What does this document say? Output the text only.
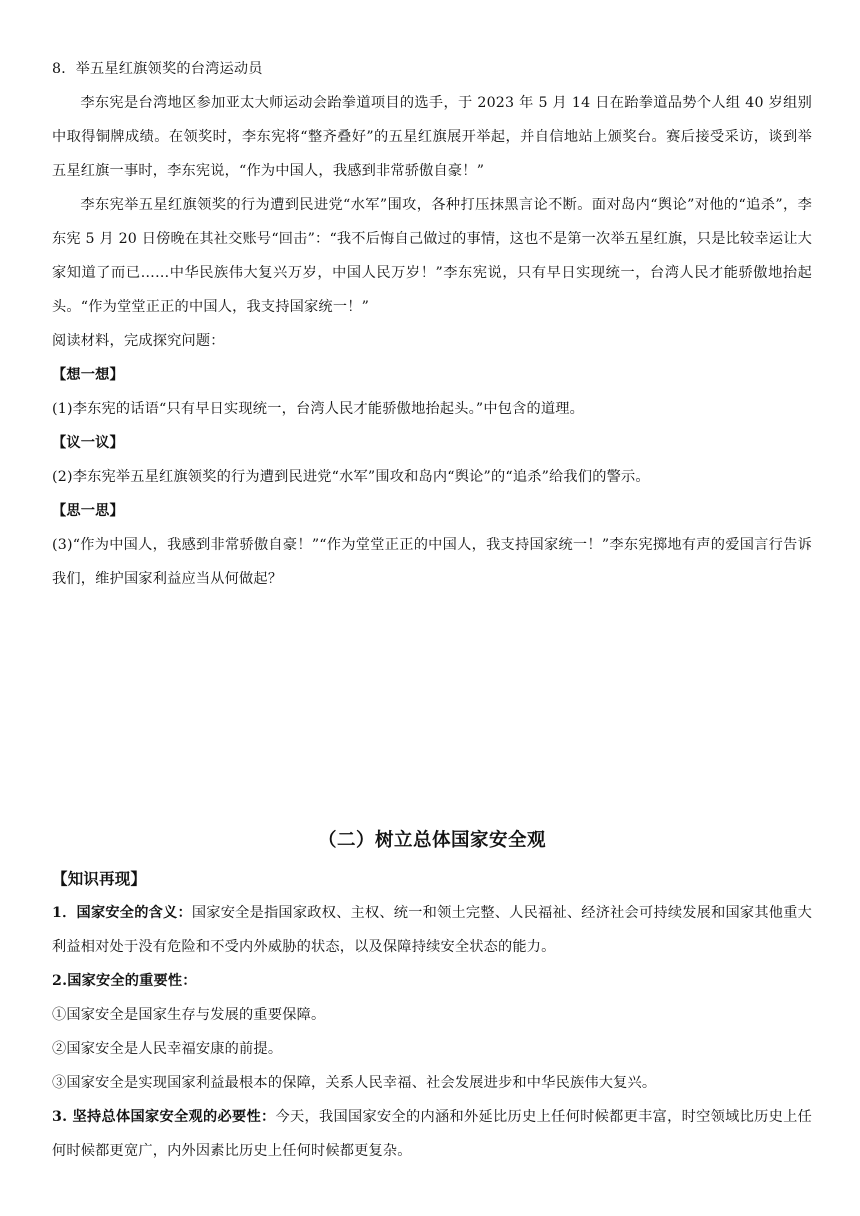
8．举五星红旗领奖的台湾运动员

李东宪是台湾地区参加亚太大师运动会跆拳道项目的选手，于 2023 年 5 月 14 日在跆拳道品势个人组 40 岁组别中取得铜牌成绩。在领奖时，李东宪将“整齐叠好”的五星红旗展开举起，并自信地站上颁奖台。赛后接受采访，谈到举五星红旗一事时，李东宪说，“作为中国人，我感到非常骄傲自豪！”

李东宪举五星红旗领奖的行为遭到民进党“水军”围攻，各种打压抹黑言论不断。面对岛内“舆论”对他的“追杀”，李东宪 5 月 20 日傍晚在其社交账号“回击”：“我不后悔自己做过的事情，这也不是第一次举五星红旗，只是比较幸运让大家知道了而已……中华民族伟大复兴万岁，中国人民万岁！”李东宪说，只有早日实现统一，台湾人民才能骄傲地抬起头。“作为堂堂正正的中国人，我支持国家统一！”

阅读材料，完成探究问题：

【想一想】

(1)李东宪的话语“只有早日实现统一，台湾人民才能骄傲地抬起头。”中包含的道理。

【议一议】

(2)李东宪举五星红旗领奖的行为遭到民进党“水军”围攻和岛内“舆论”的“追杀”给我们的警示。

【思一思】

(3)“作为中国人，我感到非常骄傲自豪！”“作为堂堂正正的中国人，我支持国家统一！”李东宪掷地有声的爱国言行告诉我们，维护国家利益应当从何做起？

（二）树立总体国家安全观

【知识再现】

1．国家安全的含义：国家安全是指国家政权、主权、统一和领土完整、人民福祉、经济社会可持续发展和国家其他重大利益相对处于没有危险和不受内外威胁的状态，以及保障持续安全状态的能力。

2.国家安全的重要性：

①国家安全是国家生存与发展的重要保障。

②国家安全是人民幸福安康的前提。

③国家安全是实现国家利益最根本的保障，关系人民幸福、社会发展进步和中华民族伟大复兴。

3. 坚持总体国家安全观的必要性：今天，我国国家安全的内涵和外延比历史上任何时候都更丰富，时空领域比历史上任何时候都更宽广，内外因素比历史上任何时候都更复杂。
